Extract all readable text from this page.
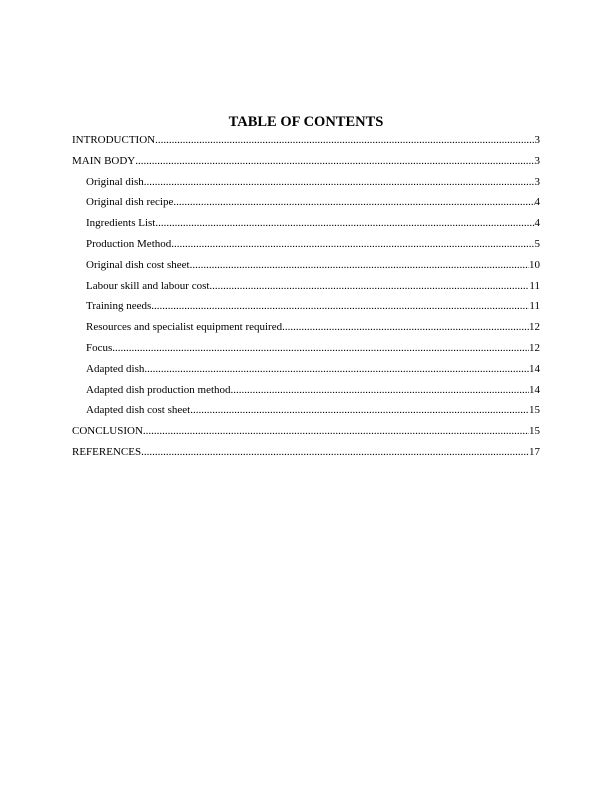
TABLE OF CONTENTS
INTRODUCTION .....	3
MAIN BODY .....	3
Original dish .....	3
Original dish recipe .....	4
Ingredients List .....	4
Production Method .....	5
Original dish cost sheet .....	10
Labour skill and labour cost .....	11
Training needs .....	11
Resources and specialist equipment required .....	12
Focus .....	12
Adapted dish .....	14
Adapted dish production method .....	14
Adapted dish cost sheet .....	15
CONCLUSION .....	15
REFERENCES .....	17
